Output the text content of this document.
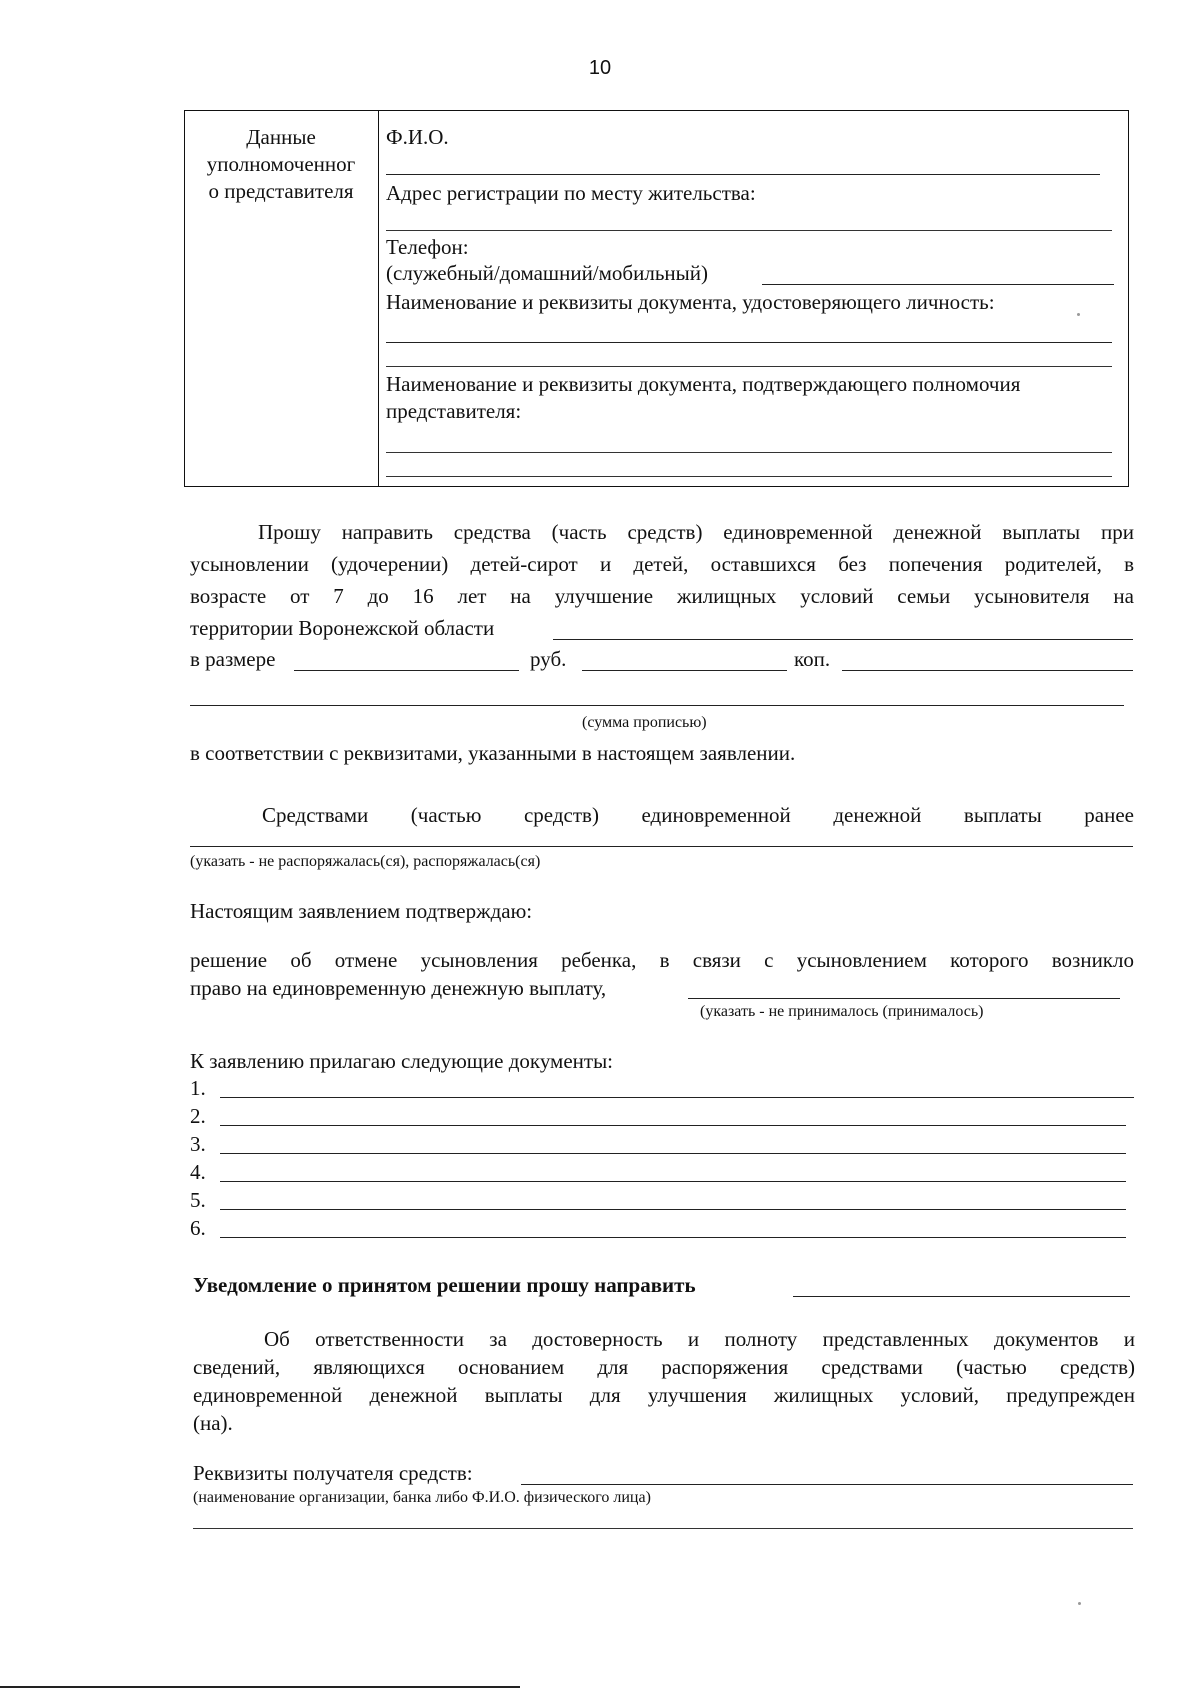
10
Данные
уполномоченног
о представителя
Ф.И.О.
Адрес регистрации по месту жительства:
Телефон:
(служебный/домашний/мобильный)
Наименование и реквизиты документа, удостоверяющего личность:
Наименование и реквизиты документа, подтверждающего полномочия
представителя:
Прошу направить средства (часть средств) единовременной денежной выплаты при
усыновлении (удочерении) детей-сирот и детей, оставшихся без попечения родителей, в
возрасте от 7 до 16 лет на улучшение жилищных условий семьи усыновителя на
территории Воронежской области
в размере	руб.	коп.
(сумма прописью)
в соответствии с реквизитами, указанными в настоящем заявлении.
Средствами (частью средств) единовременной денежной выплаты ранее
(указать - не распоряжалась(ся), распоряжалась(ся)
Настоящим заявлением подтверждаю:
решение об отмене усыновления ребенка, в связи с усыновлением которого возникло
право на единовременную денежную выплату,
(указать - не принималось (принималось)
К заявлению прилагаю следующие документы:
1.
2.
3.
4.
5.
6.
Уведомление о принятом решении прошу направить
Об ответственности за достоверность и полноту представленных документов и
сведений, являющихся основанием для распоряжения средствами (частью средств)
единовременной денежной выплаты для улучшения жилищных условий, предупрежден
(на).
Реквизиты получателя средств:
(наименование организации, банка либо Ф.И.О. физического лица)
